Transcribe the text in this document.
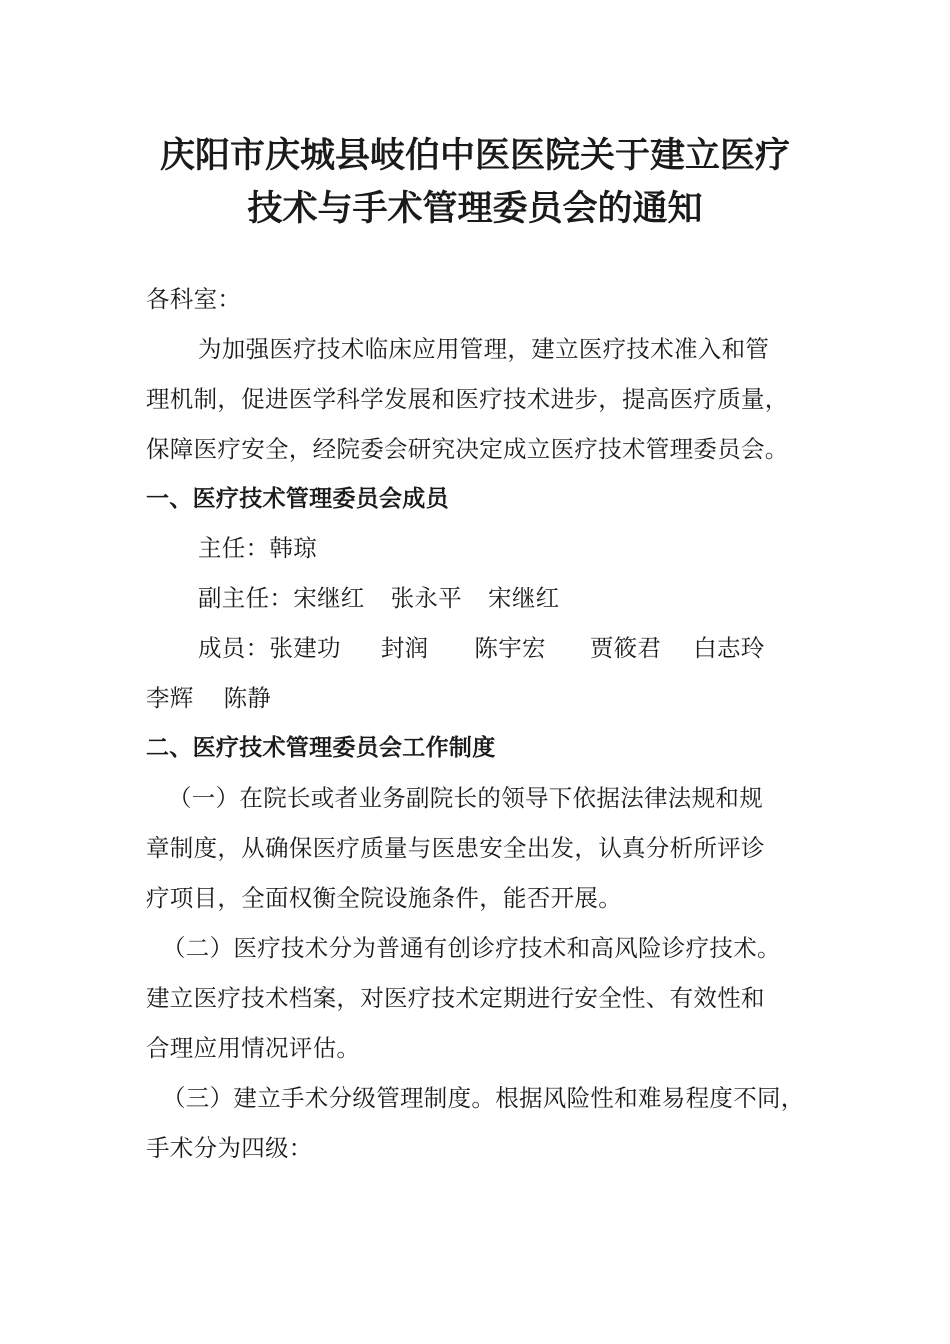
庆阳市庆城县岐伯中医医院关于建立医疗
技术与手术管理委员会的通知
各科室：
为加强医疗技术临床应用管理，建立医疗技术准入和管
理机制，促进医学科学发展和医疗技术进步，提高医疗质量，
保障医疗安全，经院委会研究决定成立医疗技术管理委员会。
一、医疗技术管理委员会成员
主任：韩琼
副主任：宋继红 张永平 宋继红
成员：张建功 封润 陈宇宏 贾筱君 白志玲
李辉 陈静
二、医疗技术管理委员会工作制度
（一）在院长或者业务副院长的领导下依据法律法规和规
章制度，从确保医疗质量与医患安全出发，认真分析所评诊
疗项目，全面权衡全院设施条件，能否开展。
（二）医疗技术分为普通有创诊疗技术和高风险诊疗技术。
建立医疗技术档案，对医疗技术定期进行安全性、有效性和
合理应用情况评估。
（三）建立手术分级管理制度。根据风险性和难易程度不同，
手术分为四级：
